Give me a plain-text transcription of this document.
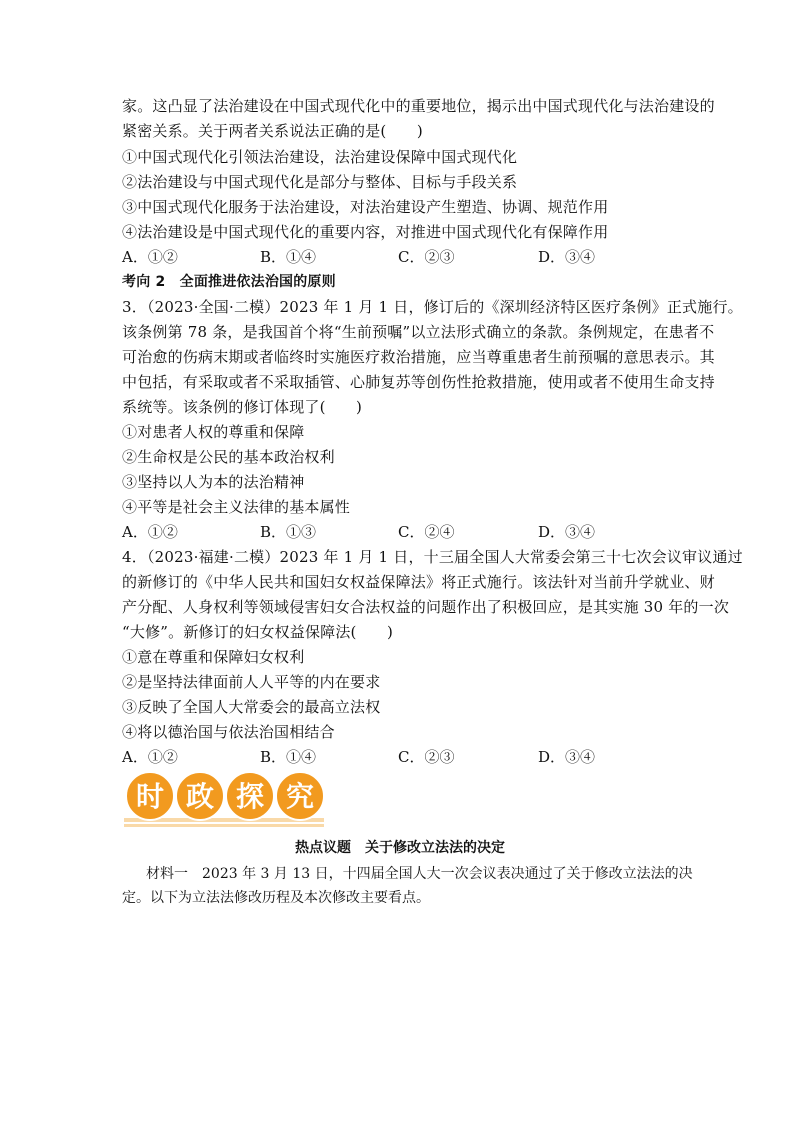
家。这凸显了法治建设在中国式现代化中的重要地位，揭示出中国式现代化与法治建设的
紧密关系。关于两者关系说法正确的是(　　)
①中国式现代化引领法治建设，法治建设保障中国式现代化
②法治建设与中国式现代化是部分与整体、目标与手段关系
③中国式现代化服务于法治建设，对法治建设产生塑造、协调、规范作用
④法治建设是中国式现代化的重要内容，对推进中国式现代化有保障作用
A．①②	B．①④	C．②③	D．③④
考向 2　全面推进依法治国的原则
3．（2023·全国·二模）2023 年 1 月 1 日，修订后的《深圳经济特区医疗条例》正式施行。
该条例第 78 条，是我国首个将“生前预嘱”以立法形式确立的条款。条例规定，在患者不
可治愈的伤病末期或者临终时实施医疗救治措施，应当尊重患者生前预嘱的意思表示。其
中包括，有采取或者不采取插管、心肺复苏等创伤性抢救措施，使用或者不使用生命支持
系统等。该条例的修订体现了(　　)
①对患者人权的尊重和保障
②生命权是公民的基本政治权利
③坚持以人为本的法治精神
④平等是社会主义法律的基本属性
A．①②	B．①③	C．②④	D．③④
4．（2023·福建·二模）2023 年 1 月 1 日，十三届全国人大常委会第三十七次会议审议通过
的新修订的《中华人民共和国妇女权益保障法》将正式施行。该法针对当前升学就业、财
产分配、人身权利等领域侵害妇女合法权益的问题作出了积极回应，是其实施 30 年的一次
“大修”。新修订的妇女权益保障法(　　)
①意在尊重和保障妇女权利
②是坚持法律面前人人平等的内在要求
③反映了全国人大常委会的最高立法权
④将以德治国与依法治国相结合
A．①②	B．①④	C．②③	D．③④
时 政 探 究
热点议题　关于修改立法法的决定
材料一　2023 年 3 月 13 日，十四届全国人大一次会议表决通过了关于修改立法法的决
定。以下为立法法修改历程及本次修改主要看点。
